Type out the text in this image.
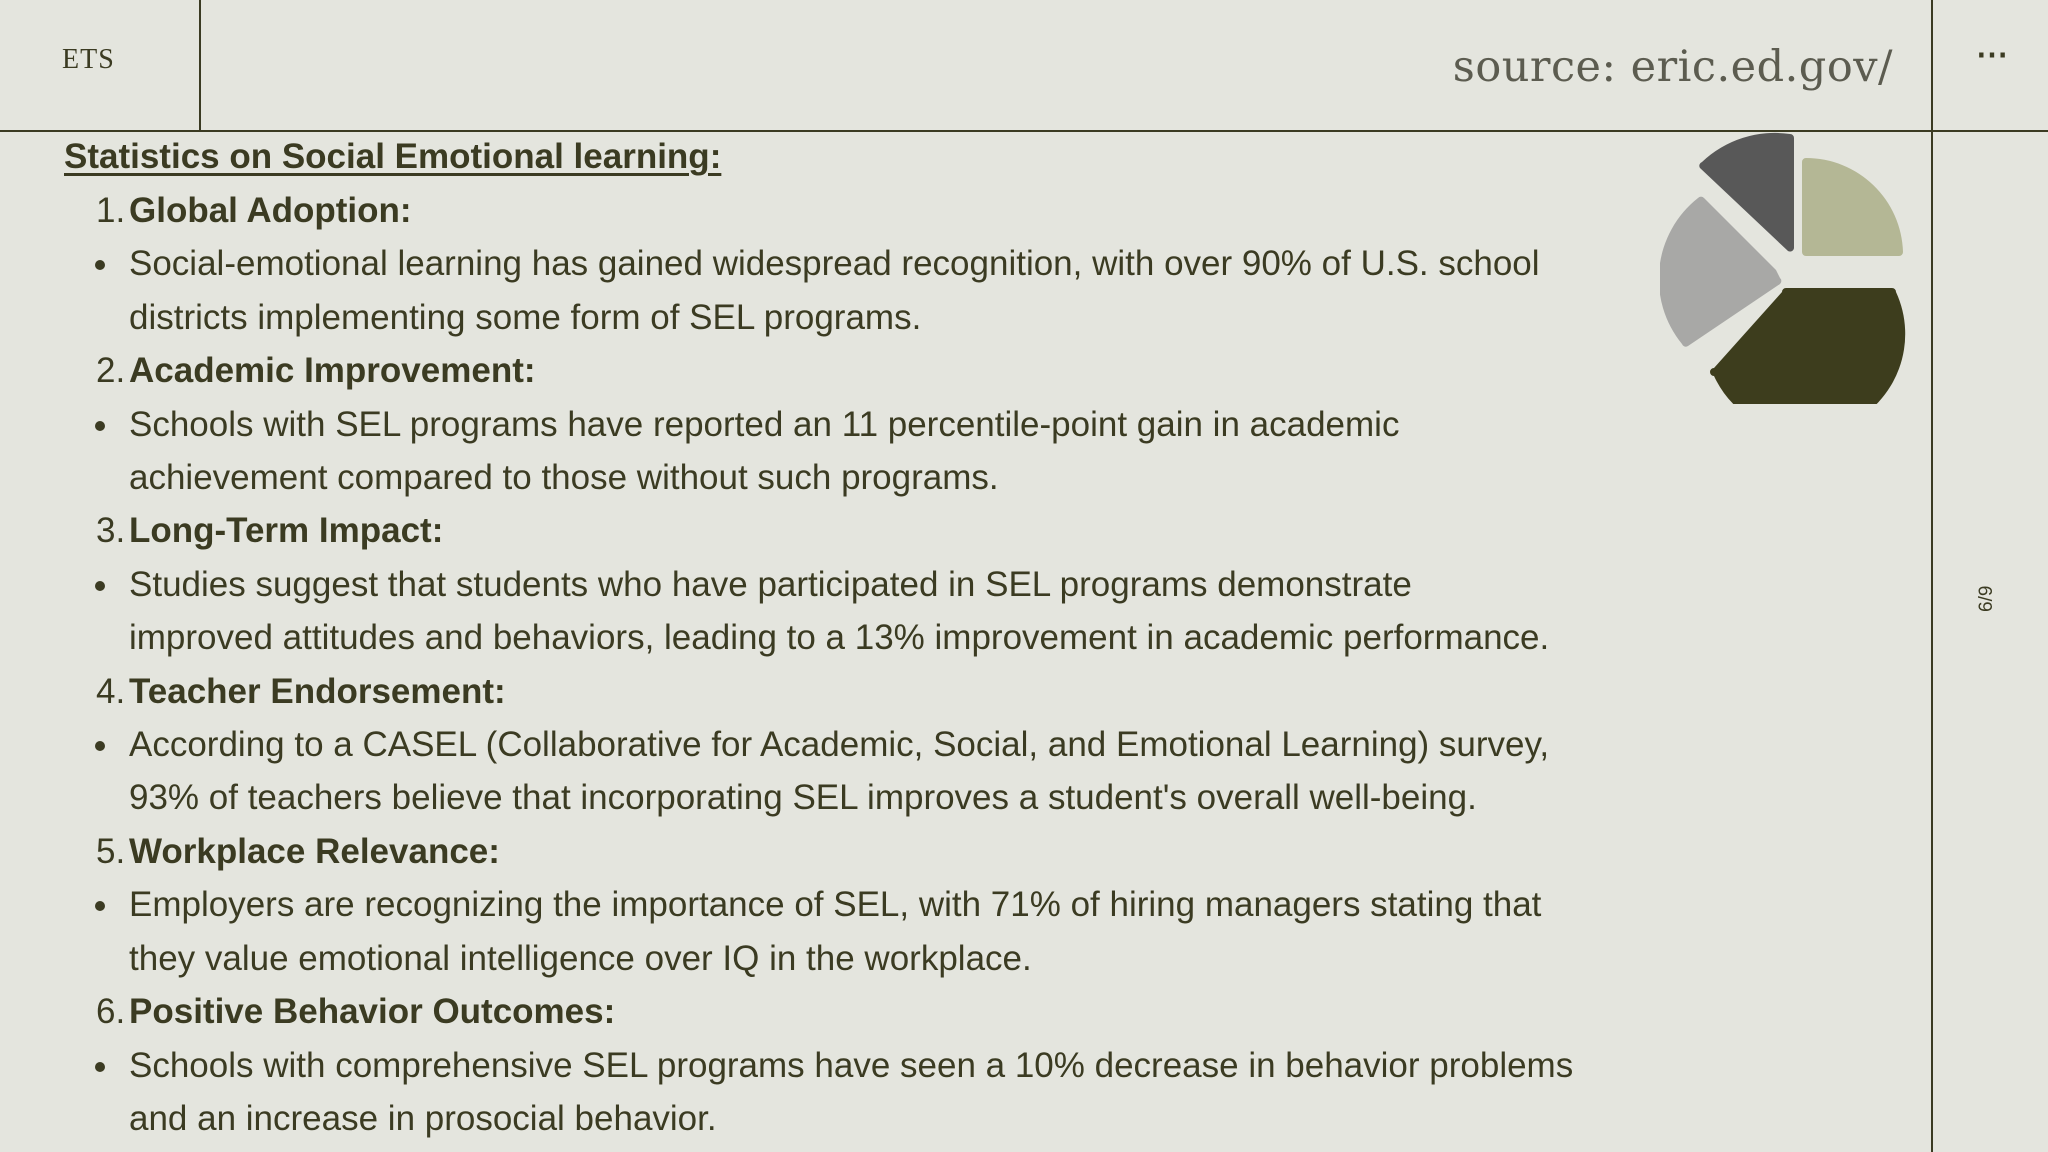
ETS	source: eric.ed.gov/	⋯
6/9
Statistics on Social Emotional learning:
1. Global Adoption:
Social-emotional learning has gained widespread recognition, with over 90% of U.S. school
districts implementing some form of SEL programs.
2. Academic Improvement:
Schools with SEL programs have reported an 11 percentile-point gain in academic
achievement compared to those without such programs.
3. Long-Term Impact:
Studies suggest that students who have participated in SEL programs demonstrate
improved attitudes and behaviors, leading to a 13% improvement in academic performance.
4. Teacher Endorsement:
According to a CASEL (Collaborative for Academic, Social, and Emotional Learning) survey,
93% of teachers believe that incorporating SEL improves a student's overall well-being.
5. Workplace Relevance:
Employers are recognizing the importance of SEL, with 71% of hiring managers stating that
they value emotional intelligence over IQ in the workplace.
6. Positive Behavior Outcomes:
Schools with comprehensive SEL programs have seen a 10% decrease in behavior problems
and an increase in prosocial behavior.
